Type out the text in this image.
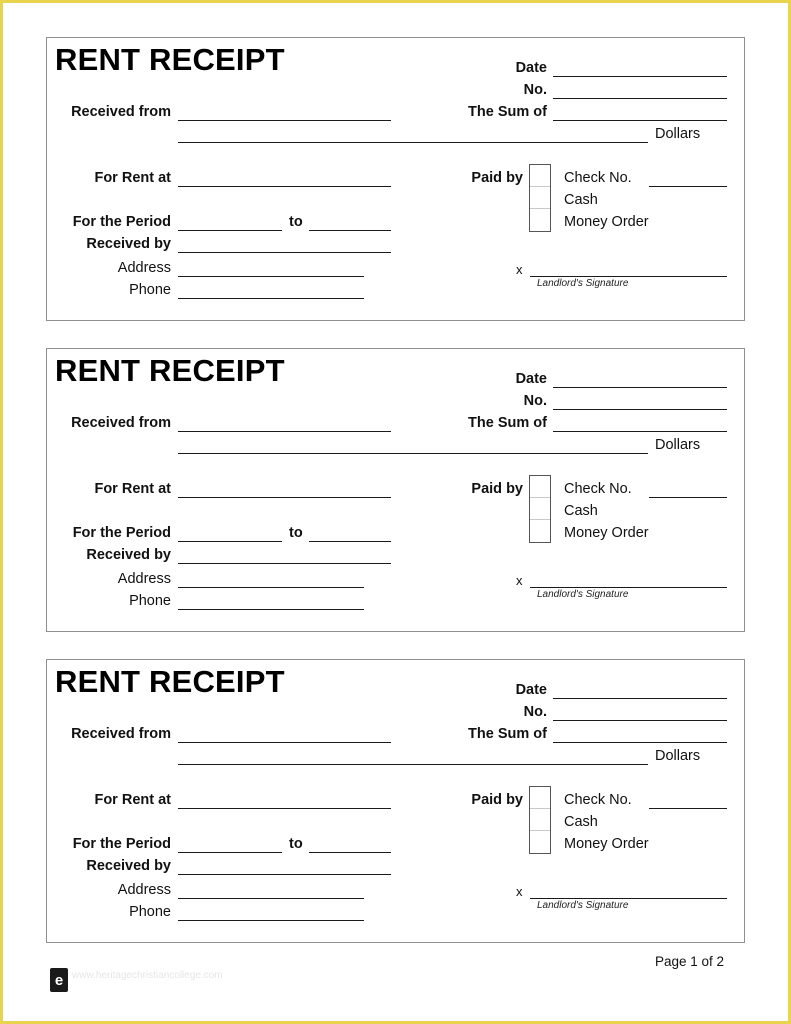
RENT RECEIPT	Date
No.
Received from	The Sum of
Dollars
For Rent at	Paid by	Check No.
Cash
Money Order
For the Period	to
Received by
Address
Phone
x
Landlord's Signature
RENT RECEIPT	Date
No.
Received from	The Sum of
Dollars
For Rent at	Paid by	Check No.
Cash
Money Order
For the Period	to
Received by
Address
Phone
x
Landlord's Signature
RENT RECEIPT	Date
No.
Received from	The Sum of
Dollars
For Rent at	Paid by	Check No.
Cash
Money Order
For the Period	to
Received by
Address
Phone
x
Landlord's Signature
e www.heritagechristiancollege.com
Page 1 of 2
